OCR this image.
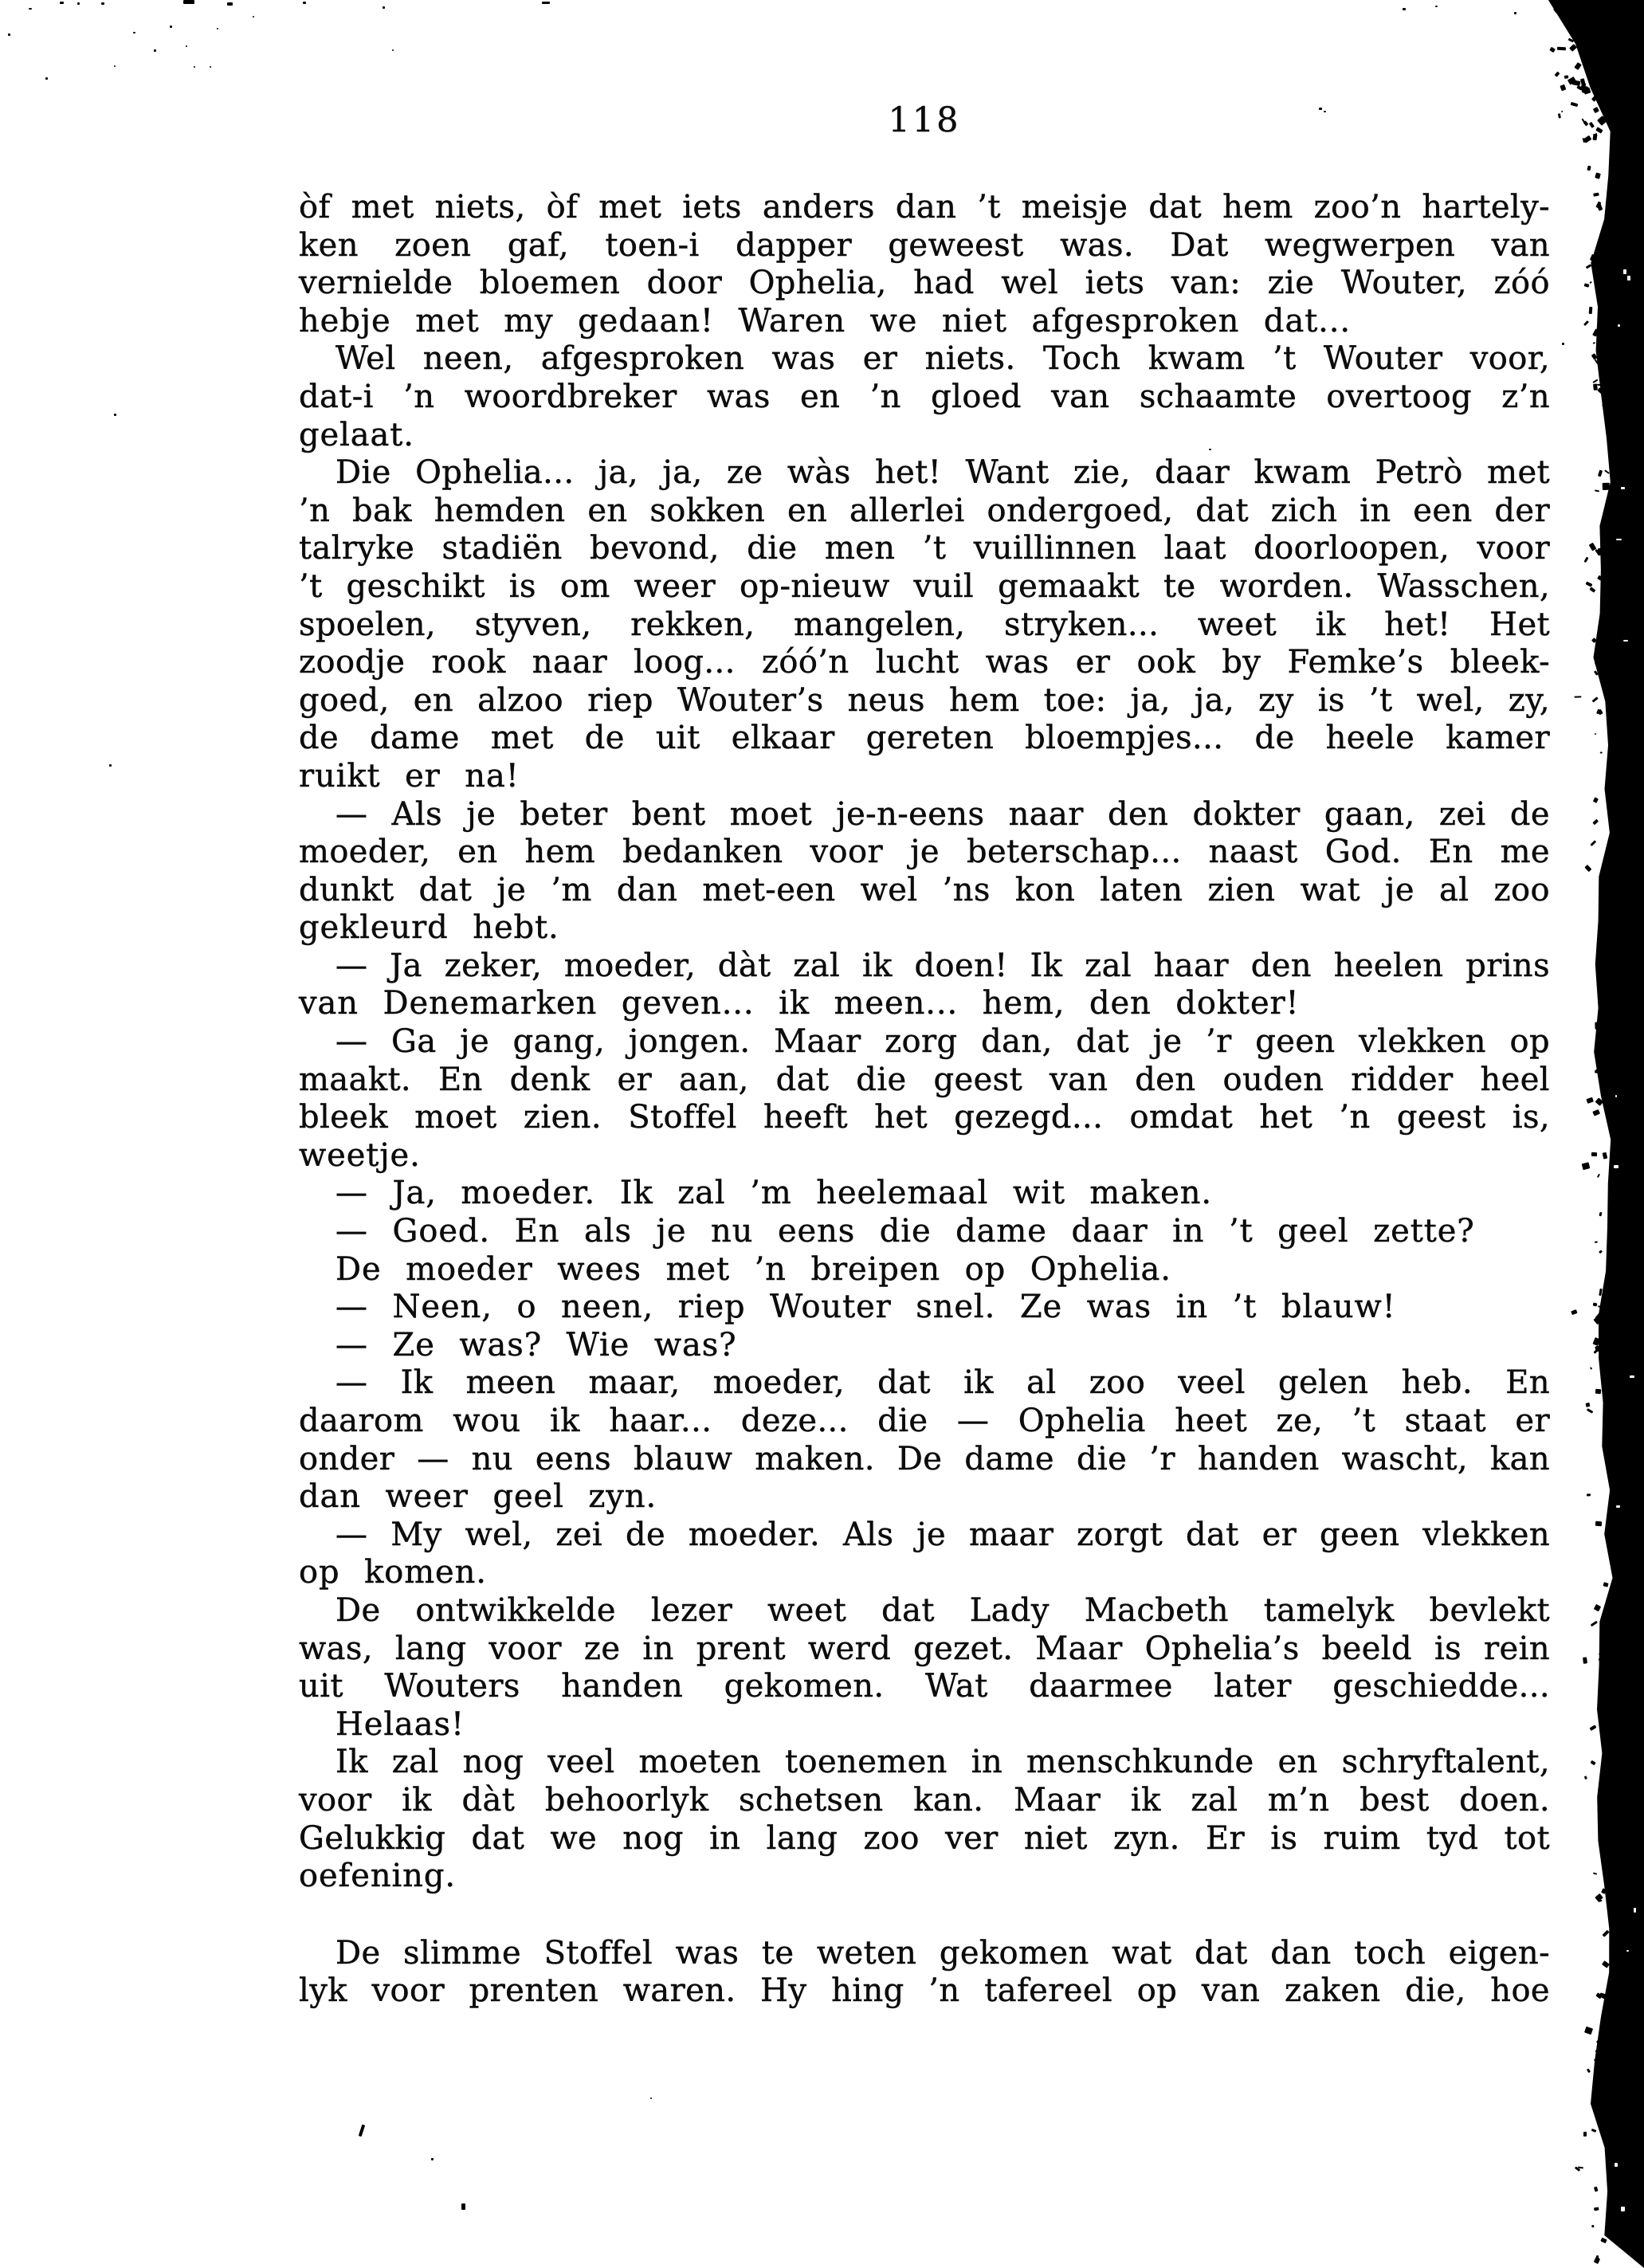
118
òf met niets, òf met iets anders dan ’t meisje dat hem zoo’n hartely-
ken zoen gaf, toen-i dapper geweest was. Dat wegwerpen van
vernielde bloemen door Ophelia, had wel iets van: zie Wouter, zóó
hebje met my gedaan! Waren we niet afgesproken dat...
Wel neen, afgesproken was er niets. Toch kwam ’t Wouter voor,
dat-i ’n woordbreker was en ’n gloed van schaamte overtoog z’n
gelaat.
Die Ophelia... ja, ja, ze wàs het! Want zie, daar kwam Petrò met
’n bak hemden en sokken en allerlei ondergoed, dat zich in een der
talryke stadiën bevond, die men ’t vuillinnen laat doorloopen, voor
’t geschikt is om weer op-nieuw vuil gemaakt te worden. Wasschen,
spoelen, styven, rekken, mangelen, stryken... weet ik het! Het
zoodje rook naar loog... zóó’n lucht was er ook by Femke’s bleek-
goed, en alzoo riep Wouter’s neus hem toe: ja, ja, zy is ’t wel, zy,
de dame met de uit elkaar gereten bloempjes... de heele kamer
ruikt er na!
— Als je beter bent moet je-n-eens naar den dokter gaan, zei de
moeder, en hem bedanken voor je beterschap... naast God. En me
dunkt dat je ’m dan met-een wel ’ns kon laten zien wat je al zoo
gekleurd hebt.
— Ja zeker, moeder, dàt zal ik doen! Ik zal haar den heelen prins
van Denemarken geven... ik meen... hem, den dokter!
— Ga je gang, jongen. Maar zorg dan, dat je ’r geen vlekken op
maakt. En denk er aan, dat die geest van den ouden ridder heel
bleek moet zien. Stoffel heeft het gezegd... omdat het ’n geest is,
weetje.
— Ja, moeder. Ik zal ’m heelemaal wit maken.
— Goed. En als je nu eens die dame daar in ’t geel zette?
De moeder wees met ’n breipen op Ophelia.
— Neen, o neen, riep Wouter snel. Ze was in ’t blauw!
— Ze was? Wie was?
— Ik meen maar, moeder, dat ik al zoo veel gelen heb. En
daarom wou ik haar... deze... die — Ophelia heet ze, ’t staat er
onder — nu eens blauw maken. De dame die ’r handen wascht, kan
dan weer geel zyn.
— My wel, zei de moeder. Als je maar zorgt dat er geen vlekken
op komen.
De ontwikkelde lezer weet dat Lady Macbeth tamelyk bevlekt
was, lang voor ze in prent werd gezet. Maar Ophelia’s beeld is rein
uit Wouters handen gekomen. Wat daarmee later geschiedde...
Helaas!
Ik zal nog veel moeten toenemen in menschkunde en schryftalent,
voor ik dàt behoorlyk schetsen kan. Maar ik zal m’n best doen.
Gelukkig dat we nog in lang zoo ver niet zyn. Er is ruim tyd tot
oefening.
De slimme Stoffel was te weten gekomen wat dat dan toch eigen-
lyk voor prenten waren. Hy hing ’n tafereel op van zaken die, hoe
